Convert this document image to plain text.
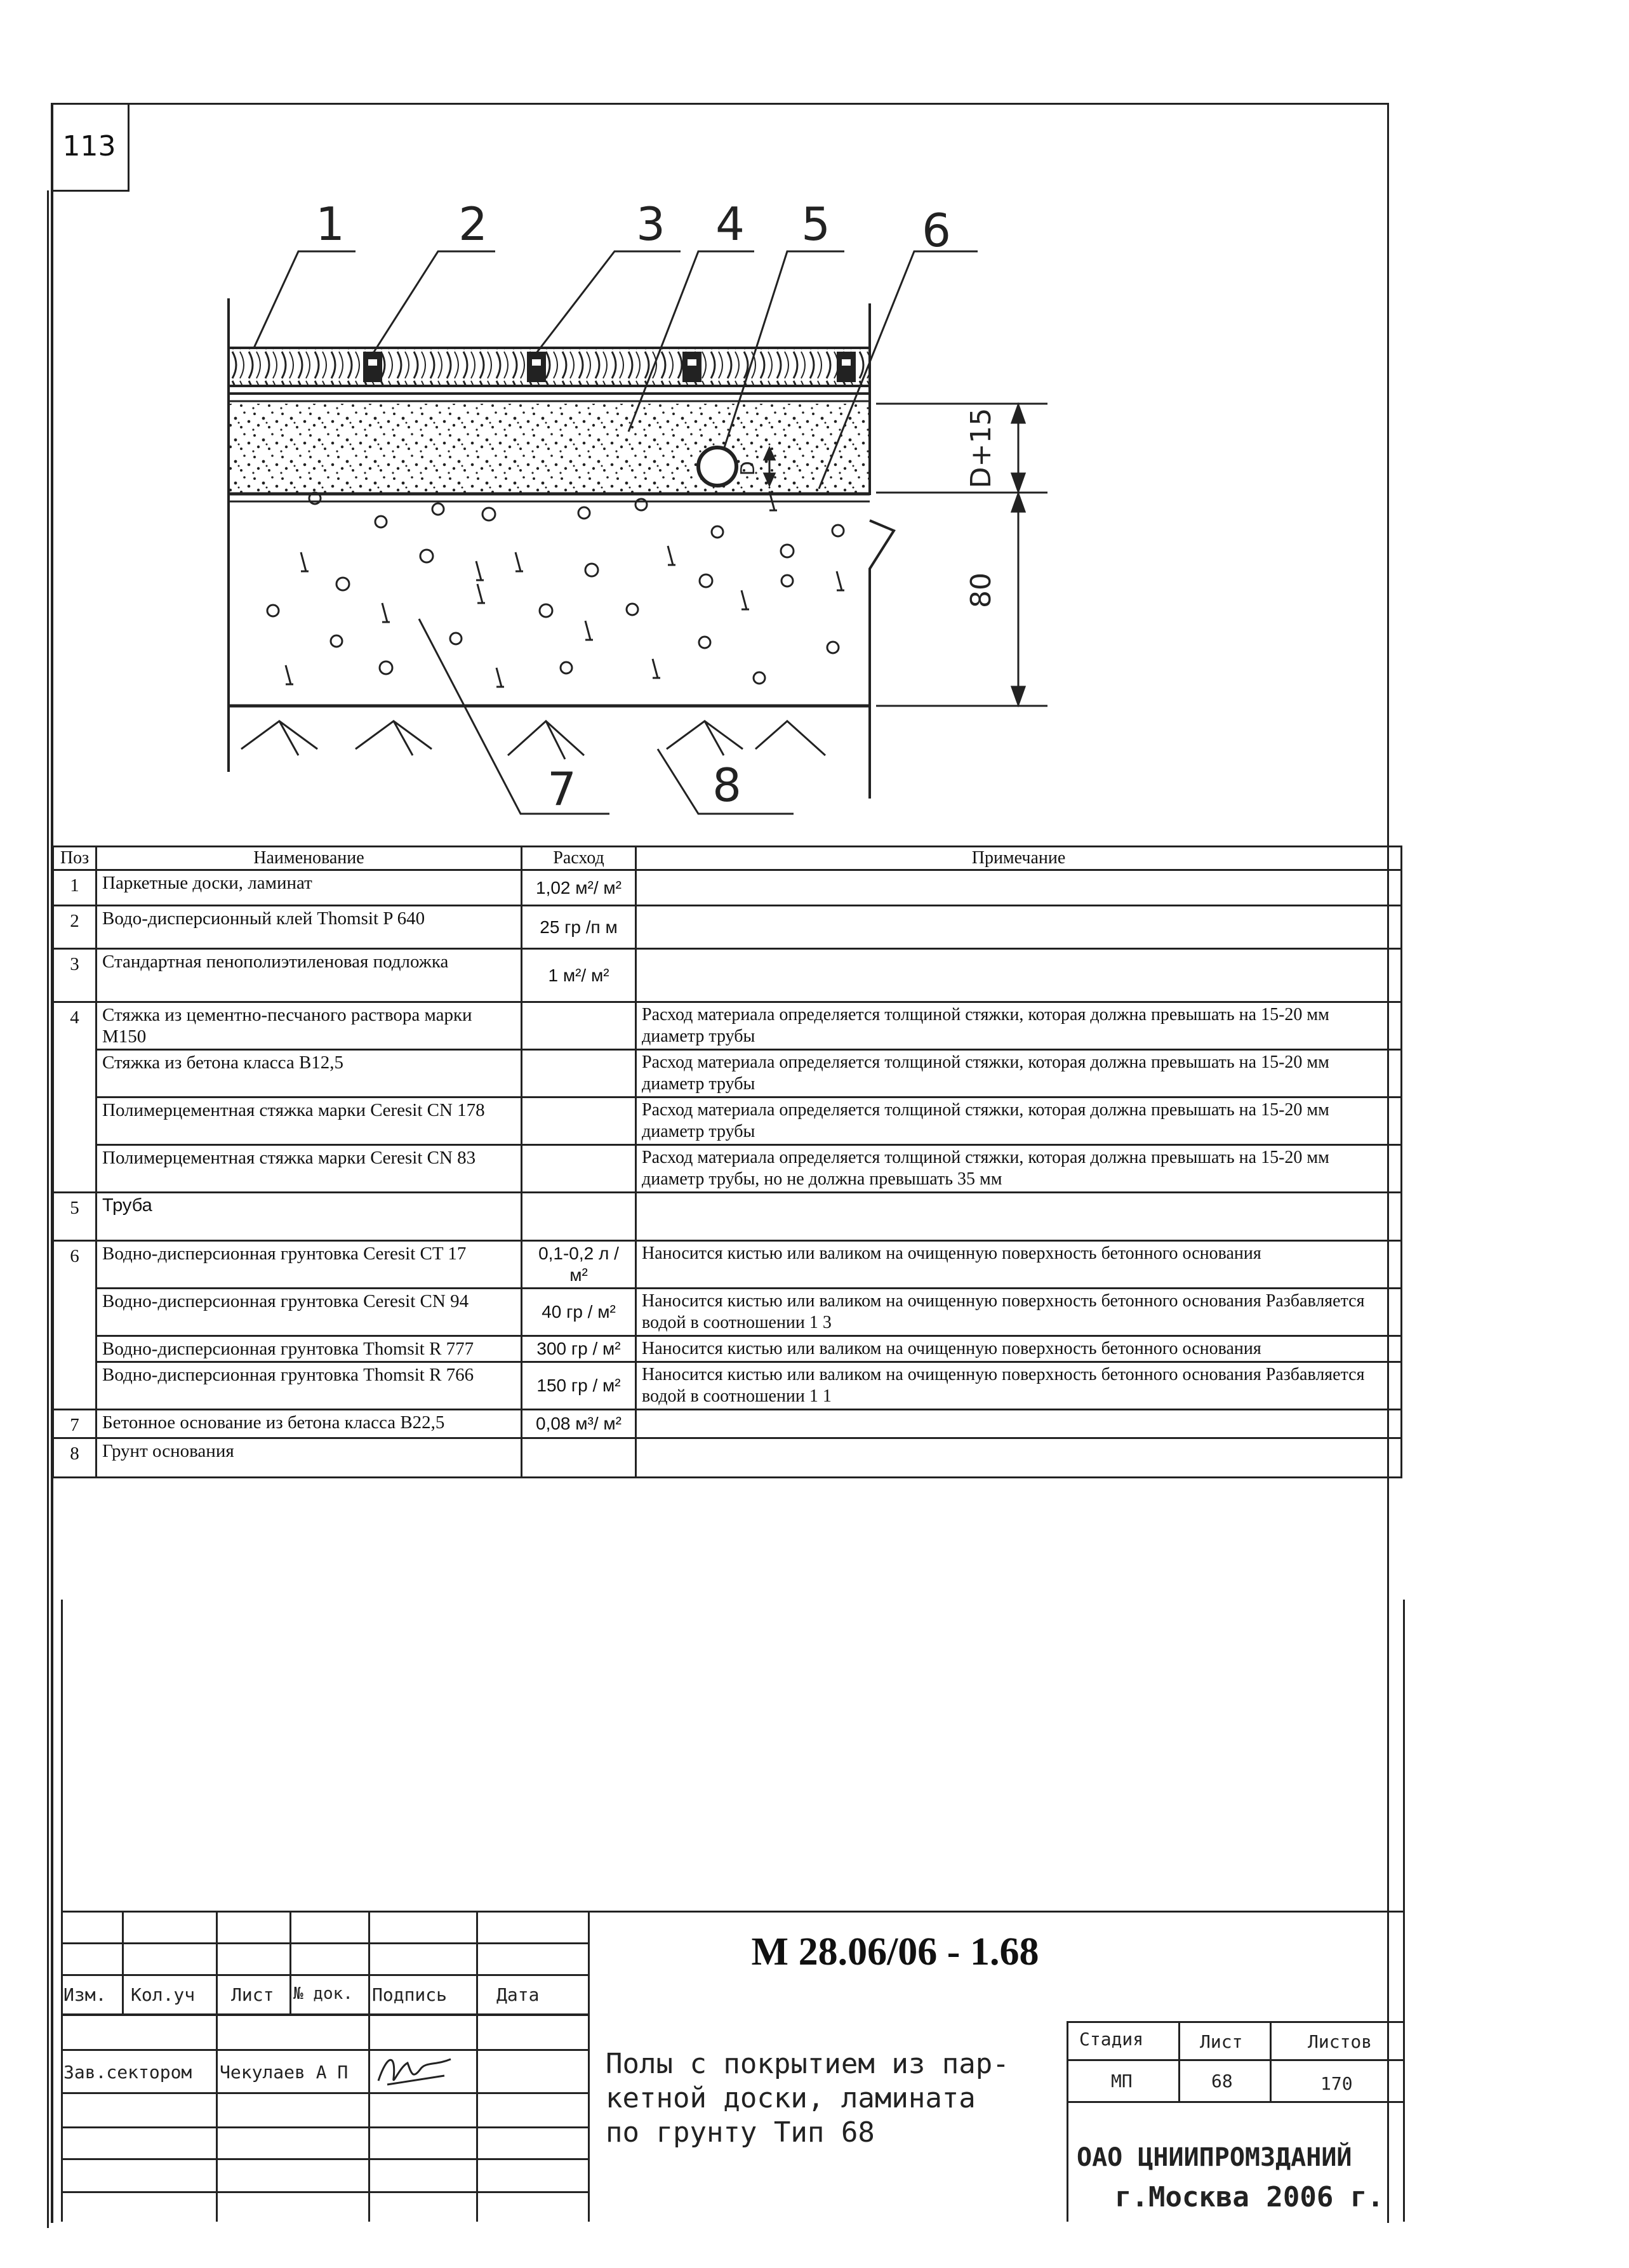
113
D+15
80
D
1 2	3 4 5 6
7	8
Поз	Наименование	Расход	Примечание
1	Паркетные доски, ламинат	1,02 м²/ м²	
2	Водо-дисперсионный клей Thomsit P 640	25 гр /п м	
3	Стандартная пенополиэтиленовая подложка	1 м²/ м²	
4	Стяжка из цементно-песчаного раствора марки М150		Расход материала определяется толщиной стяжки, которая должна превышать на 15-20 мм диаметр трубы
	Стяжка из бетона класса В12,5		Расход материала определяется толщиной стяжки, которая должна превышать на 15-20 мм диаметр трубы
	Полимерцементная стяжка марки Ceresit CN 178		Расход материала определяется толщиной стяжки, которая должна превышать на 15-20 мм диаметр трубы
	Полимерцементная стяжка марки Ceresit CN 83		Расход материала определяется толщиной стяжки, которая должна превышать на 15-20 мм диаметр трубы, но не должна превышать 35 мм
5	Труба		
6	Водно-дисперсионная грунтовка Ceresit CT 17	0,1-0,2 л / м²	Наносится кистью или валиком на очищенную поверхность бетонного основания
	Водно-дисперсионная грунтовка Ceresit CN 94	40 гр / м²	Наносится кистью или валиком на очищенную поверхность бетонного основания Разбавляется водой в соотношении 1 3
	Водно-дисперсионная грунтовка Thomsit R 777	300 гр / м²	Наносится кистью или валиком на очищенную поверхность бетонного основания
	Водно-дисперсионная грунтовка Thomsit R 766	150 гр / м²	Наносится кистью или валиком на очищенную поверхность бетонного основания Разбавляется водой в соотношении 1 1
7	Бетонное основание из бетона класса В22,5	0,08 м³/ м²	
8	Грунт основания		
М 28.06/06 - 1.68
Изм. Кол.уч Лист № док. Подпись	Дата
Зав.сектором Чекулаев А П	Полы с покрытием из пар-
кетной доски, ламината
по грунту Тип 68
Стадия	Лист	Листов
МП	68	170
ОАО ЦНИИПРОМЗДАНИЙ
г.Москва 2006 г.
